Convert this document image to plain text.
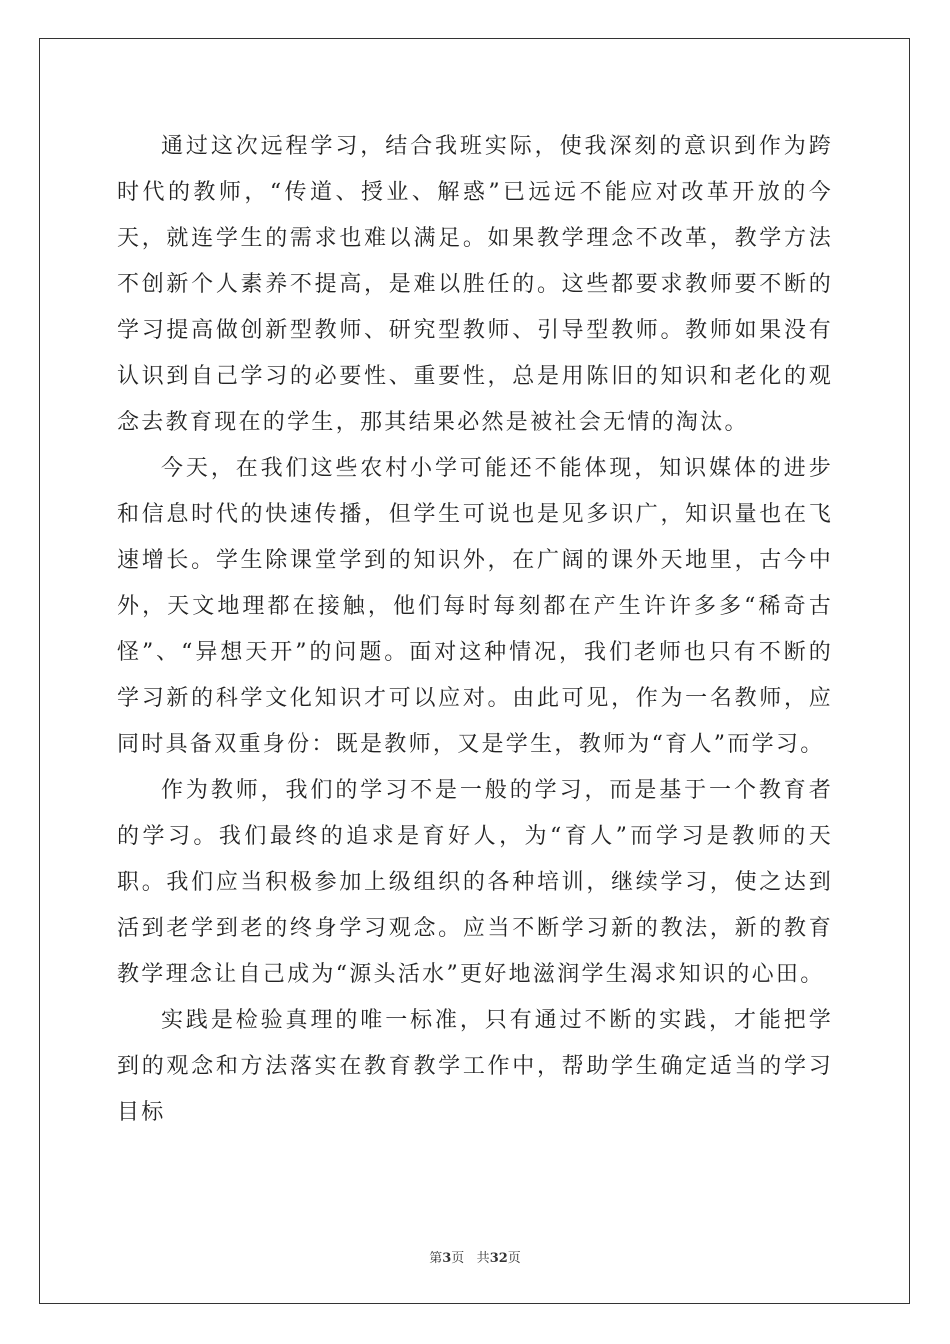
通过这次远程学习，结合我班实际，使我深刻的意识到作为跨时代的教师，“传道、授业、解惑”已远远不能应对改革开放的今天，就连学生的需求也难以满足。如果教学理念不改革，教学方法不创新个人素养不提高，是难以胜任的。这些都要求教师要不断的学习提高做创新型教师、研究型教师、引导型教师。教师如果没有认识到自己学习的必要性、重要性，总是用陈旧的知识和老化的观念去教育现在的学生，那其结果必然是被社会无情的淘汰。

今天，在我们这些农村小学可能还不能体现，知识媒体的进步和信息时代的快速传播，但学生可说也是见多识广，知识量也在飞速增长。学生除课堂学到的知识外，在广阔的课外天地里，古今中外，天文地理都在接触，他们每时每刻都在产生许许多多“稀奇古怪”、“异想天开”的问题。面对这种情况，我们老师也只有不断的学习新的科学文化知识才可以应对。由此可见，作为一名教师，应同时具备双重身份：既是教师，又是学生，教师为“育人”而学习。

作为教师，我们的学习不是一般的学习，而是基于一个教育者的学习。我们最终的追求是育好人，为“育人”而学习是教师的天职。我们应当积极参加上级组织的各种培训，继续学习，使之达到活到老学到老的终身学习观念。应当不断学习新的教法，新的教育教学理念让自己成为“源头活水”更好地滋润学生渴求知识的心田。

实践是检验真理的唯一标准，只有通过不断的实践，才能把学到的观念和方法落实在教育教学工作中，帮助学生确定适当的学习目标

第3页 共32页
